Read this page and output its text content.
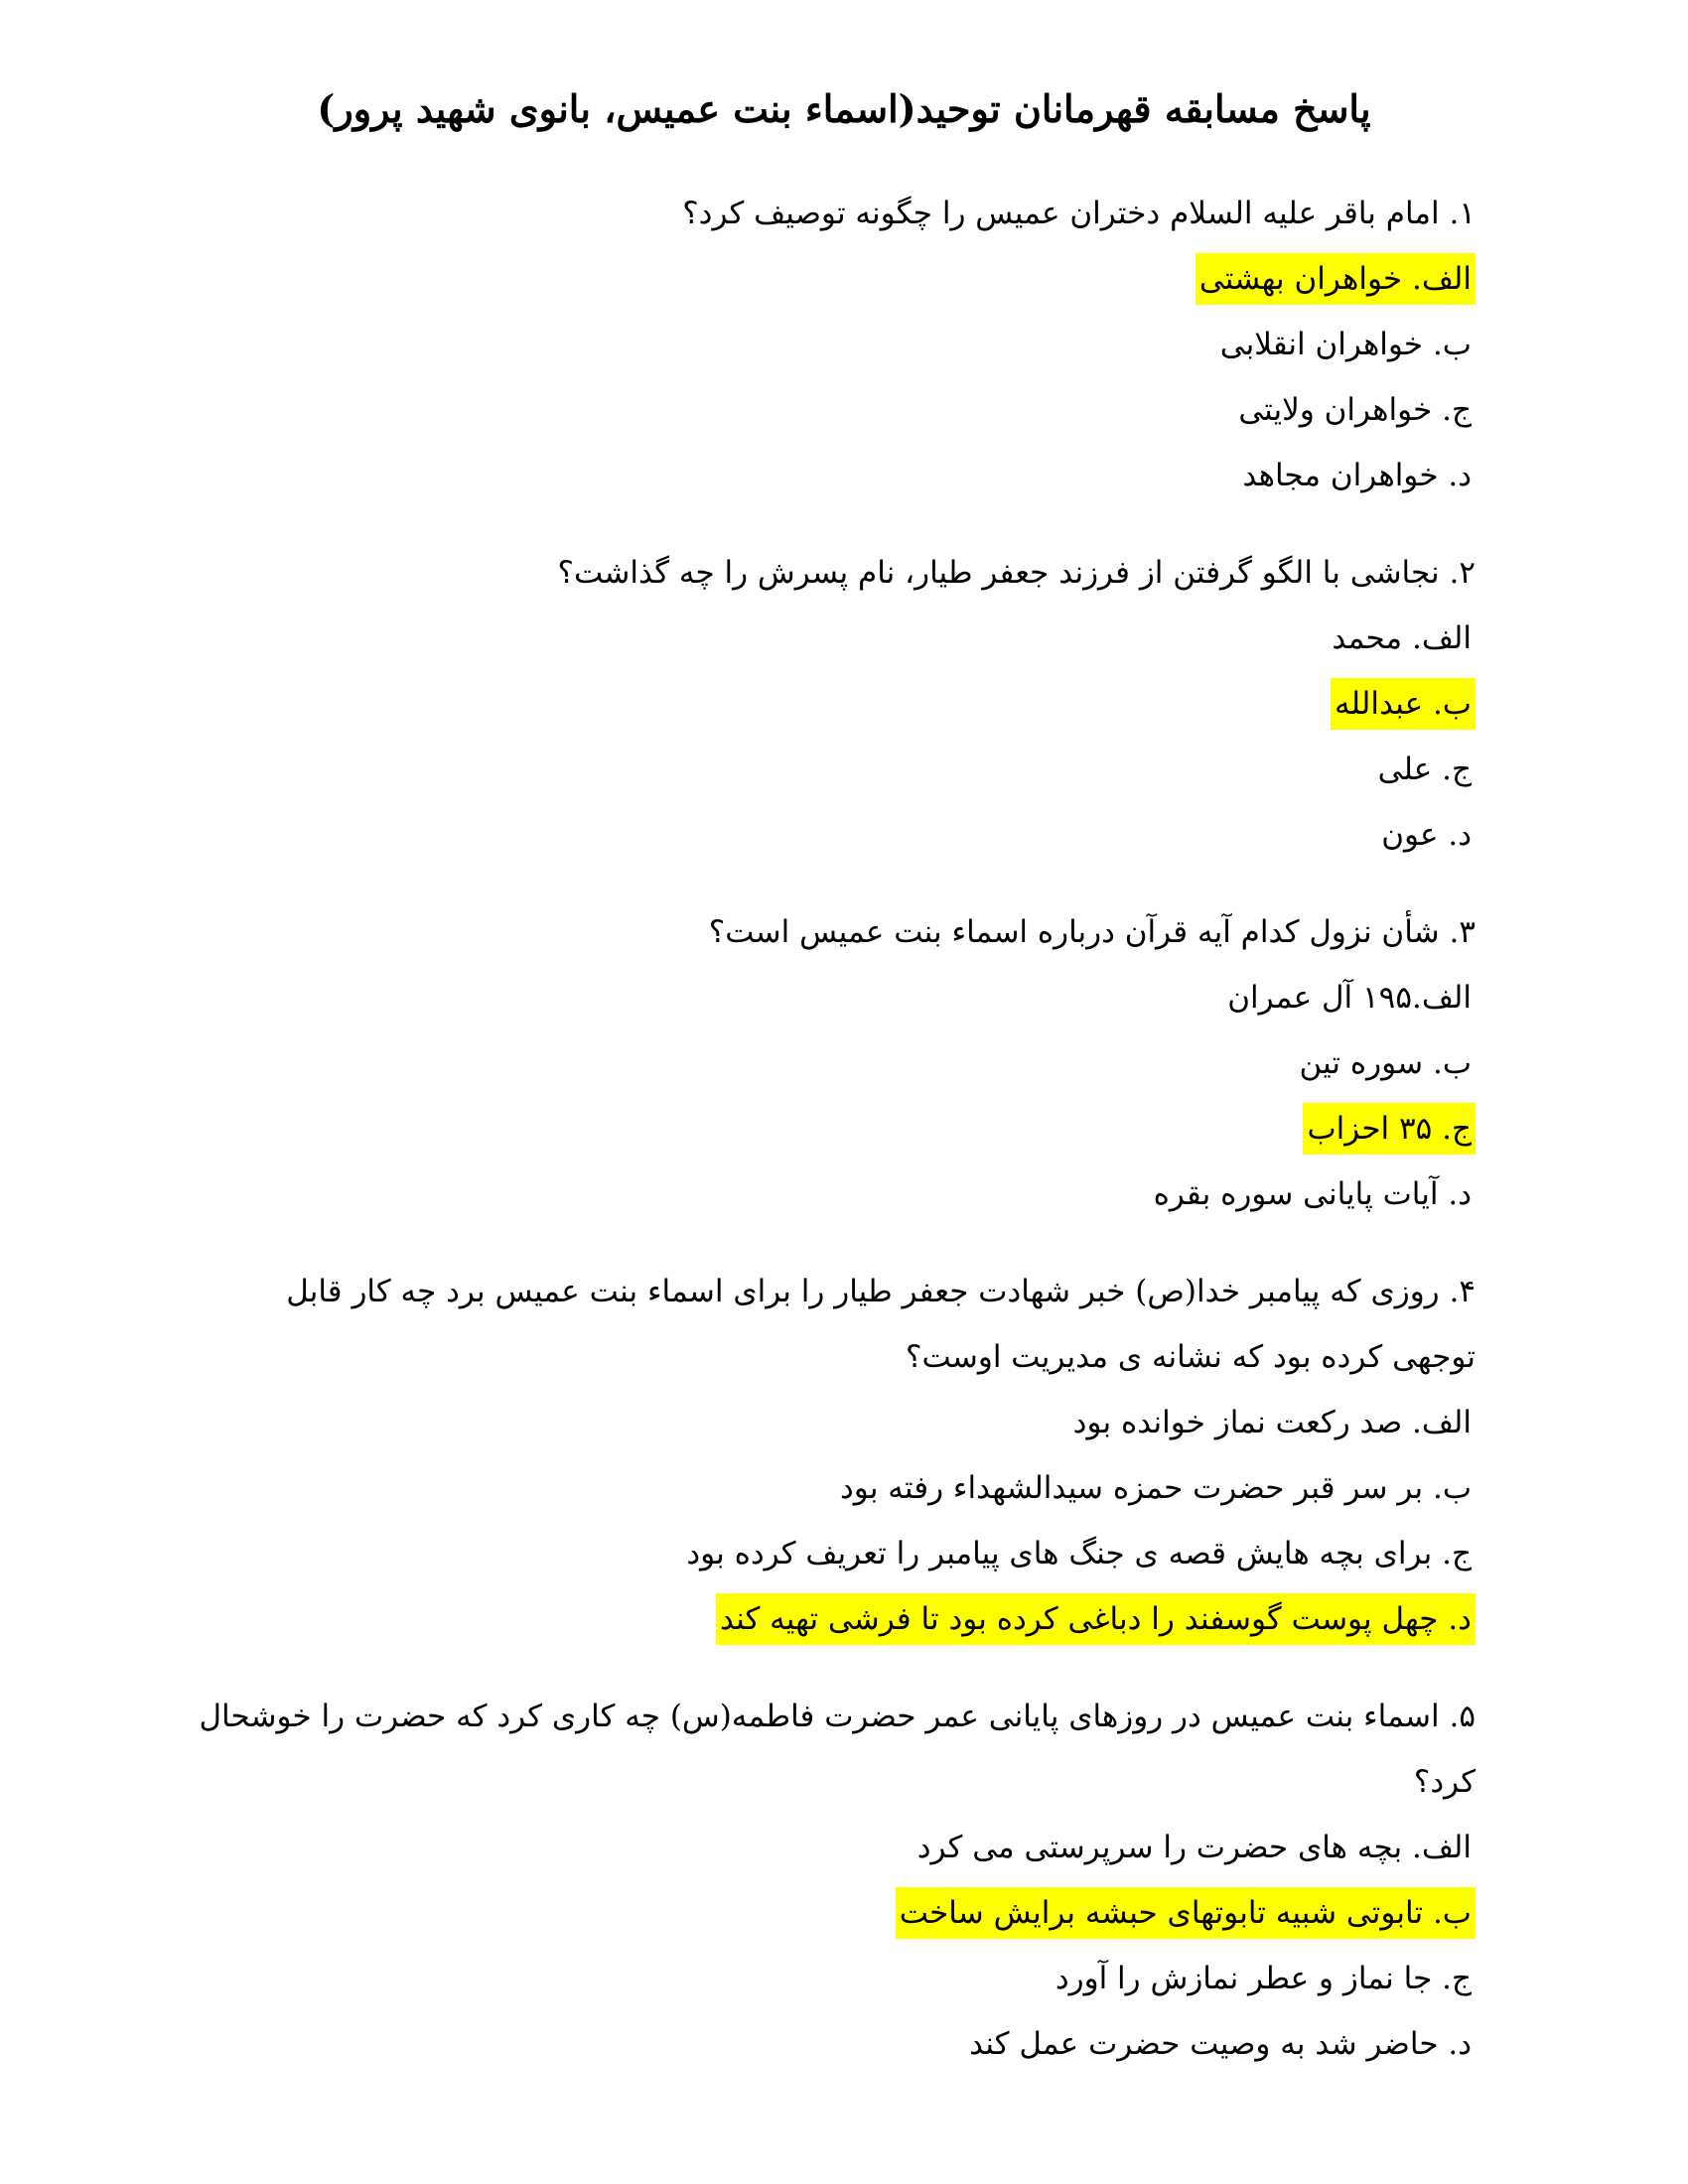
پاسخ مسابقه قهرمانان توحید(اسماء بنت عمیس، بانوی شهید پرور)
۱. امام باقر علیه السلام دختران عمیس را چگونه توصیف کرد؟
الف. خواهران بهشتی
ب. خواهران انقلابی
ج. خواهران ولایتی
د. خواهران مجاهد
۲. نجاشی با الگو گرفتن از فرزند جعفر طیار، نام پسرش را چه گذاشت؟
الف. محمد
ب. عبدالله
ج. علی
د. عون
۳. شأن نزول کدام آیه قرآن درباره اسماء بنت عمیس است؟
الف.۱۹۵ آل عمران
ب. سوره تین
ج. ۳۵ احزاب
د. آیات پایانی سوره بقره
۴. روزی که پیامبر خدا(ص) خبر شهادت جعفر طیار را برای اسماء بنت عمیس برد چه کار قابل توجهی کرده بود که نشانه ی مدیریت اوست؟
الف. صد رکعت نماز خوانده بود
ب. بر سر قبر حضرت حمزه سیدالشهداء رفته بود
ج. برای بچه هایش قصه ی جنگ های پیامبر را تعریف کرده بود
د. چهل پوست گوسفند را دباغی کرده بود تا فرشی تهیه کند
۵. اسماء بنت عمیس در روزهای پایانی عمر حضرت فاطمه(س) چه کاری کرد که حضرت را خوشحال کرد؟
الف. بچه های حضرت را سرپرستی می کرد
ب. تابوتی شبیه تابوتهای حبشه برایش ساخت
ج. جا نماز و عطر نمازش را آورد
د. حاضر شد به وصیت حضرت عمل کند
